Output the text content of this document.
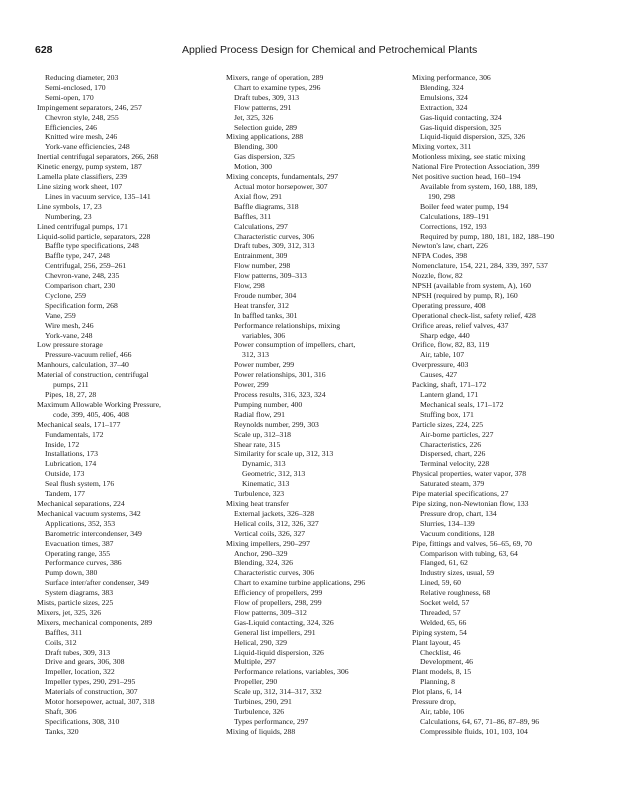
628	Applied Process Design for Chemical and Petrochemical Plants
Reducing diameter, 203
Semi-enclosed, 170
Semi-open, 170
Impingement separators, 246, 257
Chevron style, 248, 255
Efficiencies, 246
Knitted wire mesh, 246
York-vane efficiencies, 248
Inertial centrifugal separators, 266, 268
Kinetic energy, pump system, 187
Lamella plate classifiers, 239
Line sizing work sheet, 107
Lines in vacuum service, 135–141
Line symbols, 17, 23
Numbering, 23
Lined centrifugal pumps, 171
Liquid-solid particle, separators, 228
Baffle type specifications, 248
Baffle type, 247, 248
Centrifugal, 256, 259–261
Chevron-vane, 248, 235
Comparison chart, 230
Cyclone, 259
Specification form, 268
Vane, 259
Wire mesh, 246
York-vane, 248
Low pressure storage
Pressure-vacuum relief, 466
Manhours, calculation, 37–40
Material of construction, centrifugal
pumps, 211
Pipes, 18, 27, 28
Maximum Allowable Working Pressure,
code, 399, 405, 406, 408
Mechanical seals, 171–177
Fundamentals, 172
Inside, 172
Installations, 173
Lubrication, 174
Outside, 173
Seal flush system, 176
Tandem, 177
Mechanical separations, 224
Mechanical vacuum systems, 342
Applications, 352, 353
Barometric intercondenser, 349
Evacuation times, 387
Operating range, 355
Performance curves, 386
Pump down, 380
Surface inter/after condenser, 349
System diagrams, 383
Mists, particle sizes, 225
Mixers, jet, 325, 326
Mixers, mechanical components, 289
Baffles, 311
Coils, 312
Draft tubes, 309, 313
Drive and gears, 306, 308
Impeller, location, 322
Impeller types, 290, 291–295
Materials of construction, 307
Motor horsepower, actual, 307, 318
Shaft, 306
Specifications, 308, 310
Tanks, 320
Mixers, range of operation, 289
Chart to examine types, 296
Draft tubes, 309, 313
Flow patterns, 291
Jet, 325, 326
Selection guide, 289
Mixing applications, 288
Blending, 300
Gas dispersion, 325
Motion, 300
Mixing concepts, fundamentals, 297
Actual motor horsepower, 307
Axial flow, 291
Baffle diagrams, 318
Baffles, 311
Calculations, 297
Characteristic curves, 306
Draft tubes, 309, 312, 313
Entrainment, 309
Flow number, 298
Flow patterns, 309–313
Flow, 298
Froude number, 304
Heat transfer, 312
In baffled tanks, 301
Performance relationships, mixing
variables, 306
Power consumption of impellers, chart,
312, 313
Power number, 299
Power relationships, 301, 316
Power, 299
Process results, 316, 323, 324
Pumping number, 400
Radial flow, 291
Reynolds number, 299, 303
Scale up, 312–318
Shear rate, 315
Similarity for scale up, 312, 313
Dynamic, 313
Geometric, 312, 313
Kinematic, 313
Turbulence, 323
Mixing heat transfer
External jackets, 326–328
Helical coils, 312, 326, 327
Vertical coils, 326, 327
Mixing impellers, 290–297
Anchor, 290–329
Blending, 324, 326
Characteristic curves, 306
Chart to examine turbine applications, 296
Efficiency of propellers, 299
Flow of propellers, 298, 299
Flow patterns, 309–312
Gas-Liquid contacting, 324, 326
General list impellers, 291
Helical, 290, 329
Liquid-liquid dispersion, 326
Multiple, 297
Performance relations, variables, 306
Propeller, 290
Scale up, 312, 314–317, 332
Turbines, 290, 291
Turbulence, 326
Types performance, 297
Mixing of liquids, 288
Mixing performance, 306
Blending, 324
Emulsions, 324
Extraction, 324
Gas-liquid contacting, 324
Gas-liquid dispersion, 325
Liquid-liquid dispersion, 325, 326
Mixing vortex, 311
Motionless mixing, see static mixing
National Fire Protection Association, 399
Net positive suction head, 160–194
Available from system, 160, 188, 189,
190, 298
Boiler feed water pump, 194
Calculations, 189–191
Corrections, 192, 193
Required by pump, 180, 181, 182, 188–190
Newton's law, chart, 226
NFPA Codes, 398
Nomenclature, 154, 221, 284, 339, 397, 537
Nozzle, flow, 82
NPSH (available from system, A), 160
NPSH (required by pump, R), 160
Operating pressure, 408
Operational check-list, safety relief, 428
Orifice areas, relief valves, 437
Sharp edge, 440
Orifice, flow, 82, 83, 119
Air, table, 107
Overpressure, 403
Causes, 427
Packing, shaft, 171–172
Lantern gland, 171
Mechanical seals, 171–172
Stuffing box, 171
Particle sizes, 224, 225
Air-borne particles, 227
Characteristics, 226
Dispersed, chart, 226
Terminal velocity, 228
Physical properties, water vapor, 378
Saturated steam, 379
Pipe material specifications, 27
Pipe sizing, non-Newtonian flow, 133
Pressure drop, chart, 134
Slurries, 134–139
Vacuum conditions, 128
Pipe, fittings and valves, 56–65, 69, 70
Comparison with tubing, 63, 64
Flanged, 61, 62
Industry sizes, usual, 59
Lined, 59, 60
Relative roughness, 68
Socket weld, 57
Threaded, 57
Welded, 65, 66
Piping system, 54
Plant layout, 45
Checklist, 46
Development, 46
Plant models, 8, 15
Planning, 8
Plot plans, 6, 14
Pressure drop,
Air, table, 106
Calculations, 64, 67, 71–86, 87–89, 96
Compressible fluids, 101, 103, 104
